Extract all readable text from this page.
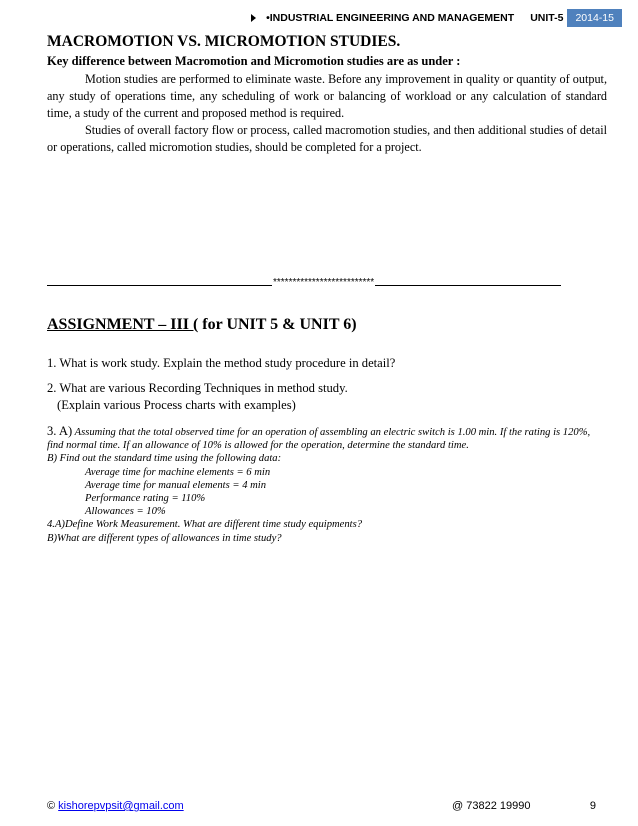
•INDUSTRIAL ENGINEERING AND MANAGEMENT UNIT-5	2014-15
MACROMOTION VS. MICROMOTION STUDIES.
Key difference between Macromotion and Micromotion studies are as under :

Motion studies are performed to eliminate waste. Before any improvement in quality or quantity of output, any study of operations time, any scheduling of work or balancing of workload or any calculation of standard time, a study of the current and proposed method is required.

Studies of overall factory flow or process, called macromotion studies, and then additional studies of detail or operations, called micromotion studies, should be completed for a project.

**************************
ASSIGNMENT – III ( for UNIT 5 & UNIT 6)
1. What is work study. Explain the method study procedure in detail?
2. What are various Recording Techniques in method study.
(Explain various Process charts with examples)
3. A) Assuming that the total observed time for an operation of assembling an electric switch is 1.00 min. If the rating is 120%, find normal time. If an allowance of 10% is allowed for the operation, determine the standard time.
B) Find out the standard time using the following data:
Average time for machine elements = 6 min
Average time for manual elements = 4 min
Performance rating = 110%
Allowances = 10%
4.A)Define Work Measurement. What are different time study equipments?
B)What are different types of allowances in time study?
© kishorepvpsit@gmail.com	@ 73822 19990	9
